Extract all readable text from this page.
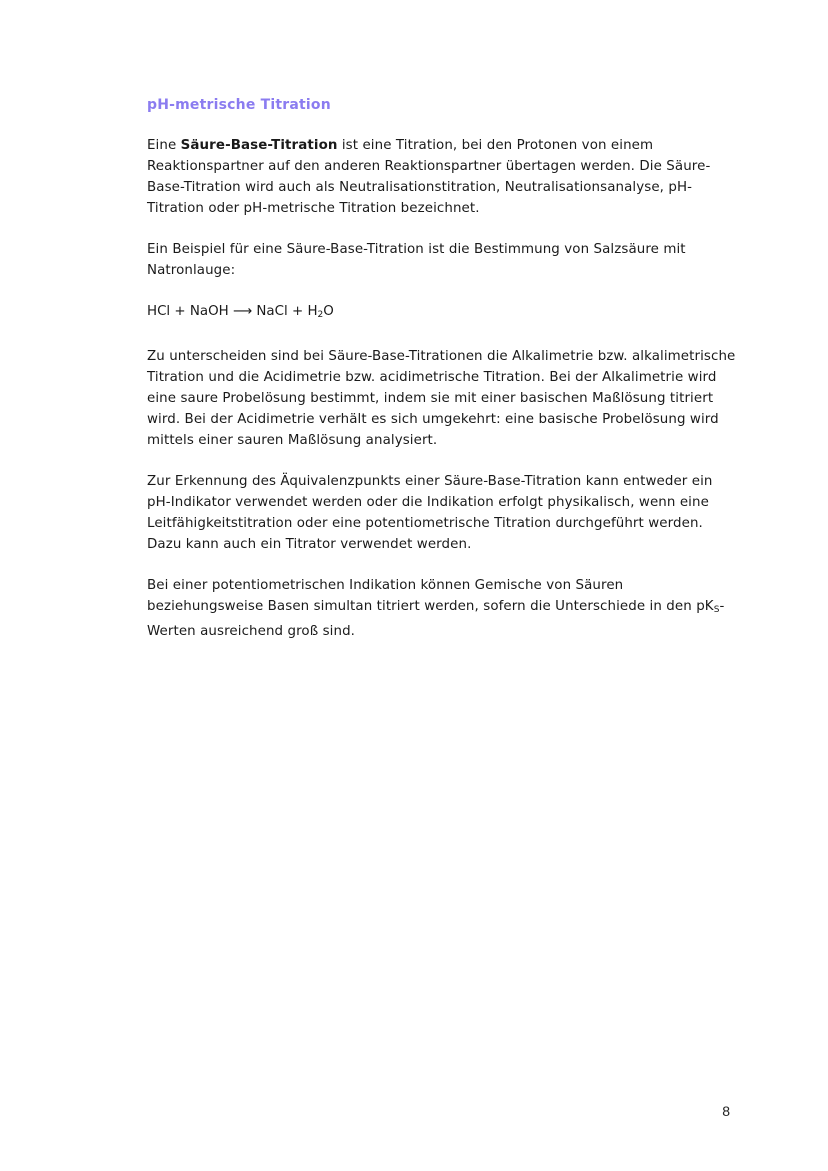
pH-metrische Titration

Eine Säure-Base-Titration ist eine Titration, bei den Protonen von einem Reaktionspartner auf den anderen Reaktionspartner übertagen werden. Die Säure-Base-Titration wird auch als Neutralisationstitration, Neutralisationsanalyse, pH-Titration oder pH-metrische Titration bezeichnet.

Ein Beispiel für eine Säure-Base-Titration ist die Bestimmung von Salzsäure mit Natronlauge:

HCl + NaOH ⟶ NaCl + $H_2O$

Zu unterscheiden sind bei Säure-Base-Titrationen die Alkalimetrie bzw. alkalimetrische Titration und die Acidimetrie bzw. acidimetrische Titration. Bei der Alkalimetrie wird eine saure Probelösung bestimmt, indem sie mit einer basischen Maßlösung titriert wird. Bei der Acidimetrie verhält es sich umgekehrt: eine basische Probelösung wird mittels einer sauren Maßlösung analysiert.

Zur Erkennung des Äquivalenzpunkts einer Säure-Base-Titration kann entweder ein pH-Indikator verwendet werden oder die Indikation erfolgt physikalisch, wenn eine Leitfähigkeitstitration oder eine potentiometrische Titration durchgeführt werden. Dazu kann auch ein Titrator verwendet werden.

Bei einer potentiometrischen Indikation können Gemische von Säuren beziehungsweise Basen simultan titriert werden, sofern die Unterschiede in den $pK_S$-Werten ausreichend groß sind.

8
